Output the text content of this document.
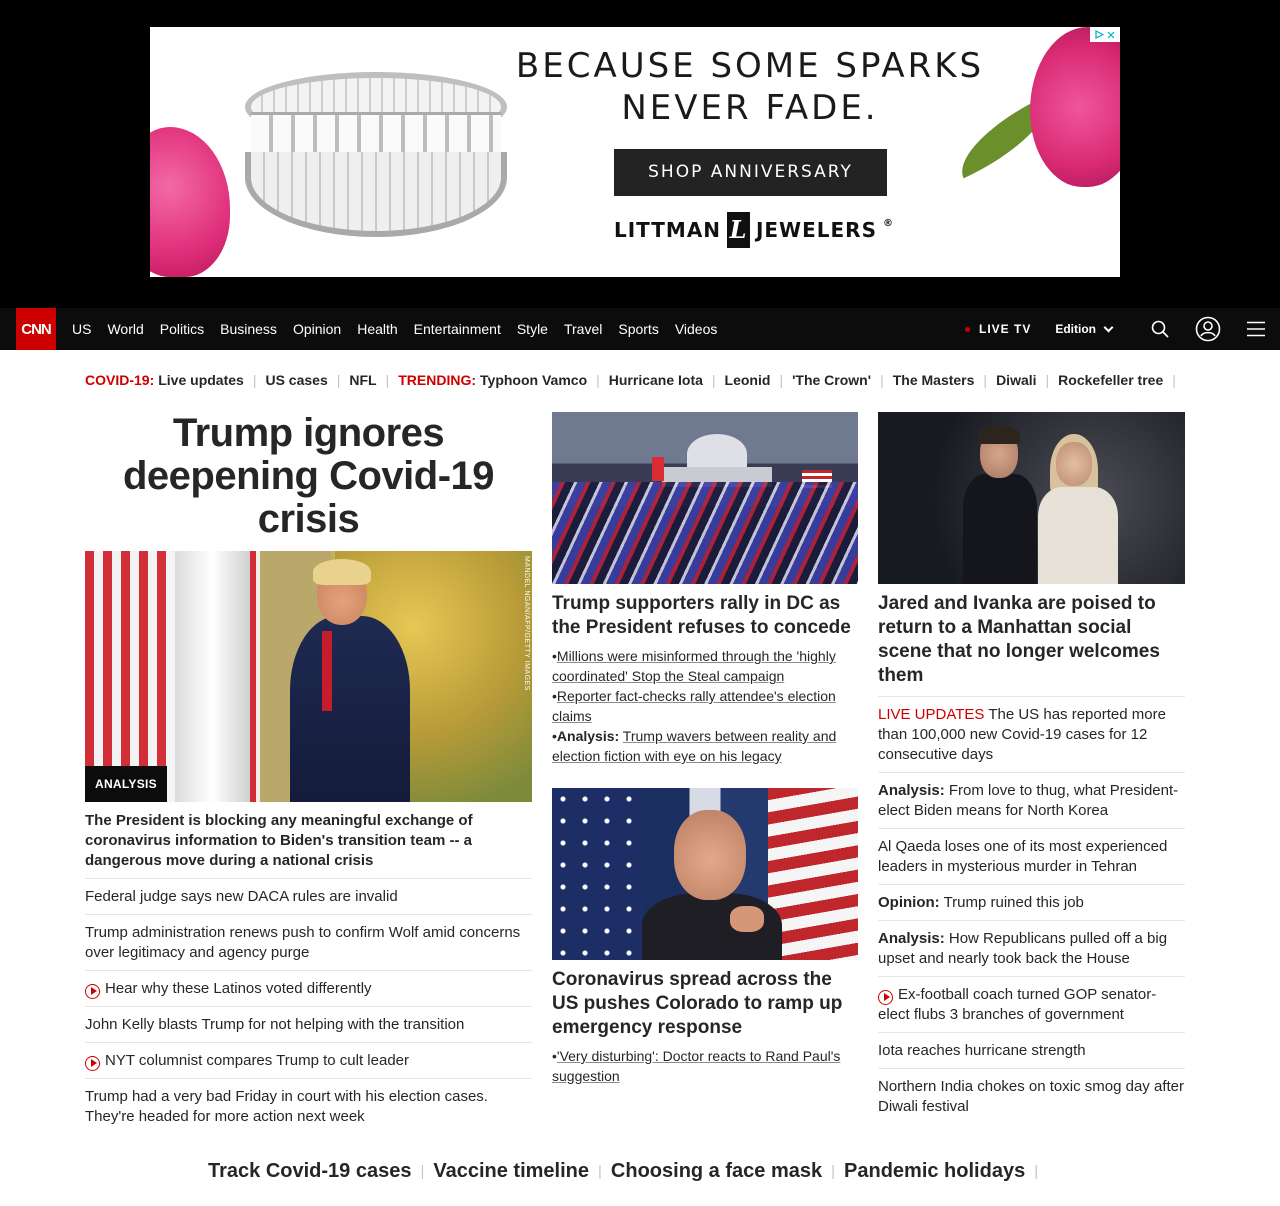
BECAUSE SOME SPARKS
NEVER FADE.
SHOP ANNIVERSARY
LITTMAN L JEWELERS ®
CNN	US World Politics Business Opinion Health Entertainment Style Travel Sports Videos	LIVE TV Edition
COVID-19: Live updates | US cases | NFL | TRENDING: Typhoon Vamco | Hurricane Iota | Leonid | 'The Crown' | The Masters | Diwali | Rockefeller tree |
Trump ignores deepening Covid-19 crisis
MANDEL NGAN/AFP/GETTY IMAGES
ANALYSIS
The President is blocking any meaningful exchange of coronavirus information to Biden's transition team -- a dangerous move during a national crisis
Federal judge says new DACA rules are invalid
Trump administration renews push to confirm Wolf amid concerns over legitimacy and agency purge
Hear why these Latinos voted differently
John Kelly blasts Trump for not helping with the transition
NYT columnist compares Trump to cult leader
Trump had a very bad Friday in court with his election cases. They're headed for more action next week
Trump supporters rally in DC as the President refuses to concede
• Millions were misinformed through the 'highly coordinated' Stop the Steal campaign
• Reporter fact-checks rally attendee's election claims
• Analysis: Trump wavers between reality and election fiction with eye on his legacy
Coronavirus spread across the US pushes Colorado to ramp up emergency response
• 'Very disturbing': Doctor reacts to Rand Paul's suggestion
Jared and Ivanka are poised to return to a Manhattan social scene that no longer welcomes them
LIVE UPDATES The US has reported more than 100,000 new Covid-19 cases for 12 consecutive days
Analysis: From love to thug, what President-elect Biden means for North Korea
Al Qaeda loses one of its most experienced leaders in mysterious murder in Tehran
Opinion: Trump ruined this job
Analysis: How Republicans pulled off a big upset and nearly took back the House
Ex-football coach turned GOP senator-elect flubs 3 branches of government
Iota reaches hurricane strength
Northern India chokes on toxic smog day after Diwali festival
Track Covid-19 cases | Vaccine timeline | Choosing a face mask | Pandemic holidays |
